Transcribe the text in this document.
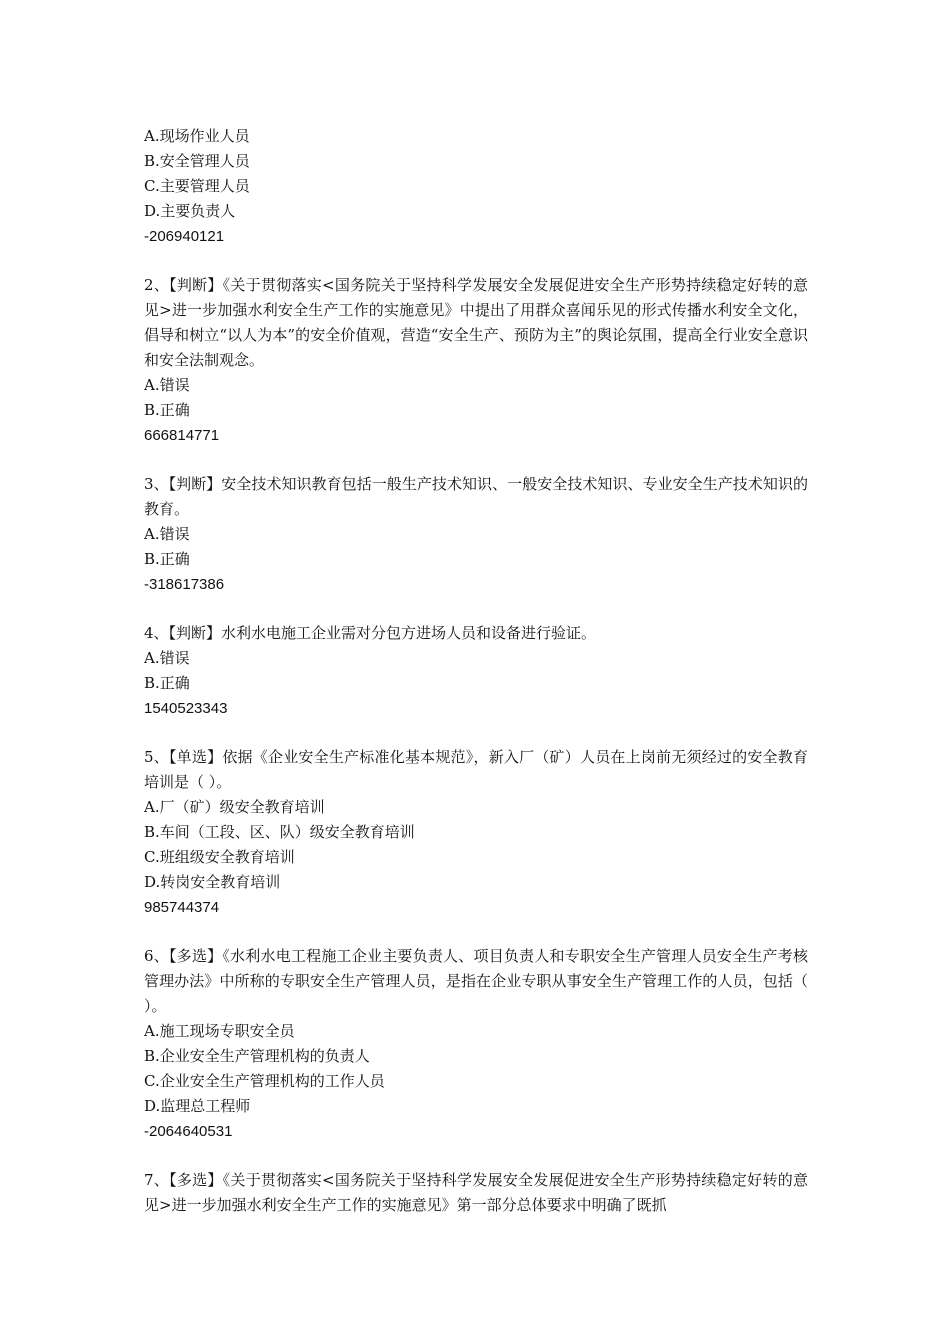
A.现场作业人员
B.安全管理人员
C.主要管理人员
D.主要负责人
-206940121
2、【判断】《关于贯彻落实<国务院关于坚持科学发展安全发展促进安全生产形势持续稳定好转的意见>进一步加强水利安全生产工作的实施意见》中提出了用群众喜闻乐见的形式传播水利安全文化，倡导和树立“以人为本”的安全价值观，营造“安全生产、预防为主”的舆论氛围，提高全行业安全意识和安全法制观念。
A.错误
B.正确
666814771
3、【判断】安全技术知识教育包括一般生产技术知识、一般安全技术知识、专业安全生产技术知识的教育。
A.错误
B.正确
-318617386
4、【判断】水利水电施工企业需对分包方进场人员和设备进行验证。
A.错误
B.正确
1540523343
5、【单选】依据《企业安全生产标准化基本规范》，新入厂（矿）人员在上岗前无须经过的安全教育培训是（ ）。
A.厂（矿）级安全教育培训
B.车间（工段、区、队）级安全教育培训
C.班组级安全教育培训
D.转岗安全教育培训
985744374
6、【多选】《水利水电工程施工企业主要负责人、项目负责人和专职安全生产管理人员安全生产考核管理办法》中所称的专职安全生产管理人员，是指在企业专职从事安全生产管理工作的人员，包括（ ）。
A.施工现场专职安全员
B.企业安全生产管理机构的负责人
C.企业安全生产管理机构的工作人员
D.监理总工程师
-2064640531
7、【多选】《关于贯彻落实<国务院关于坚持科学发展安全发展促进安全生产形势持续稳定好转的意见>进一步加强水利安全生产工作的实施意见》第一部分总体要求中明确了既抓
